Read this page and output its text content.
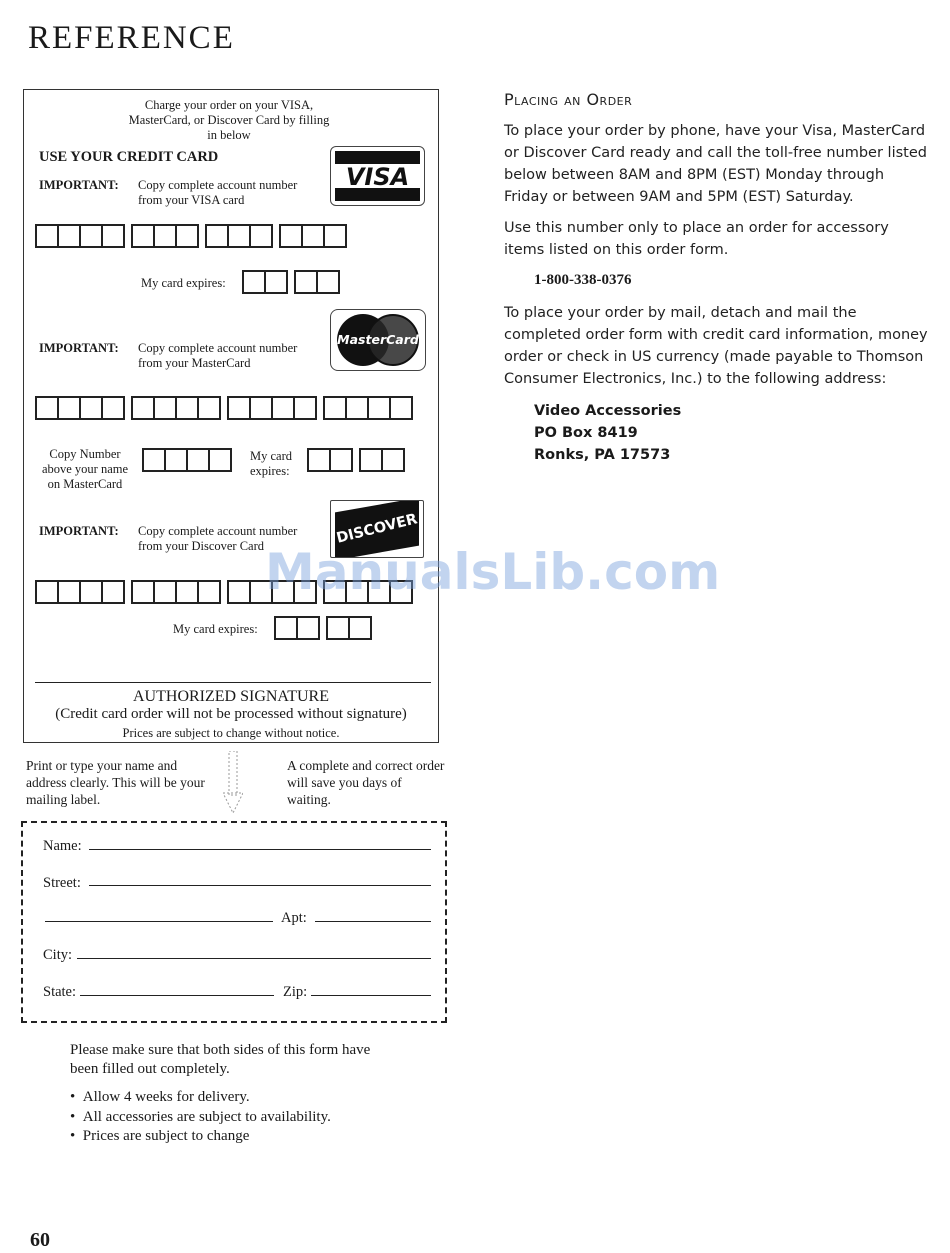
REFERENCE
Charge your order on your VISA, MasterCard, or Discover Card by filling in below
USE YOUR CREDIT CARD
IMPORTANT: Copy complete account number from your VISA card
VISA
My card expires:
IMPORTANT: Copy complete account number from your MasterCard
MasterCard
Copy Number above your name on MasterCard
My card expires:
IMPORTANT: Copy complete account number from your Discover Card	DISCOVER
My card expires:
AUTHORIZED SIGNATURE
(Credit card order will not be processed without signature)
Prices are subject to change without notice.
Print or type your name and address clearly. This will be your mailing label.
A complete and correct order will save you days of waiting.
Name:
Street:
Apt:
City:
State:	Zip:
Please make sure that both sides of this form have been filled out completely.
•  Allow 4 weeks for delivery.
•  All accessories are subject to availability.
•  Prices are subject to change
Placing an Order
To place your order by phone, have your Visa, MasterCard or Discover Card ready and call the toll-free number listed below between 8AM and 8PM (EST) Monday through Friday or between 9AM and 5PM (EST) Saturday.
Use this number only to place an order for accessory items listed on this order form.
1-800-338-0376
To place your order by mail, detach and mail the completed order form with credit card information, money order or check in US currency (made payable to Thomson Consumer Electronics, Inc.) to the following address:
Video Accessories
PO Box 8419
Ronks, PA 17573
ManualsLib.com
60
